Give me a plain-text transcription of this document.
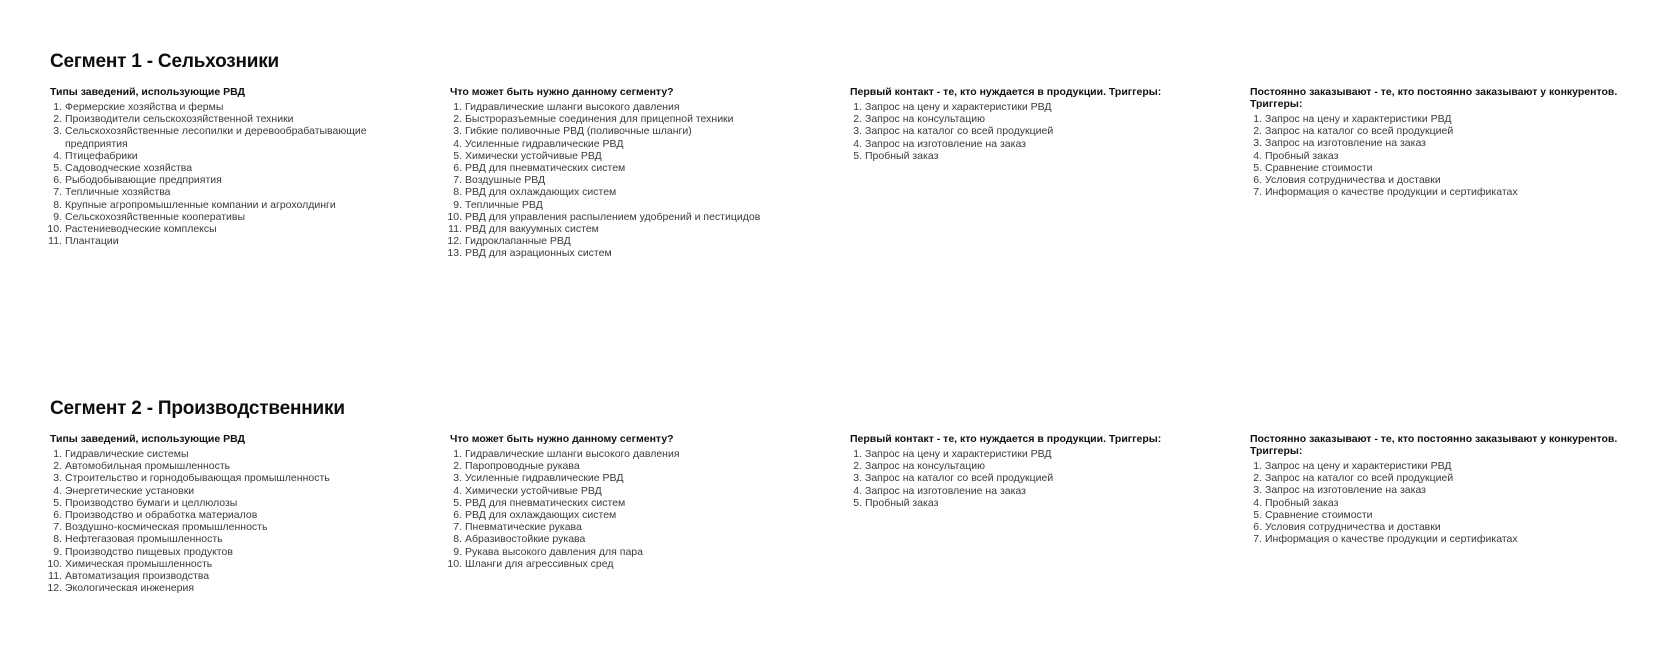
Сегмент 1 - Сельхозники
Типы заведений, использующие РВД
1. Фермерские хозяйства и фермы
2. Производители сельскохозяйственной техники
3. Сельскохозяйственные лесопилки и деревообрабатывающие предприятия
4. Птицефабрики
5. Садоводческие хозяйства
6. Рыбодобывающие предприятия
7. Тепличные хозяйства
8. Крупные агропромышленные компании и агрохолдинги
9. Сельскохозяйственные кооперативы
10. Растениеводческие комплексы
11. Плантации
Что может быть нужно данному сегменту?
1. Гидравлические шланги высокого давления
2. Быстроразъемные соединения для прицепной техники
3. Гибкие поливочные РВД (поливочные шланги)
4. Усиленные гидравлические РВД
5. Химически устойчивые РВД
6. РВД для пневматических систем
7. Воздушные РВД
8. РВД для охлаждающих систем
9. Тепличные РВД
10. РВД для управления распылением удобрений и пестицидов
11. РВД для вакуумных систем
12. Гидроклапанные РВД
13. РВД для аэрационных систем
Первый контакт - те, кто нуждается в продукции. Триггеры:
1. Запрос на цену и характеристики РВД
2. Запрос на консультацию
3. Запрос на каталог со всей продукцией
4. Запрос на изготовление на заказ
5. Пробный заказ
Постоянно заказывают - те, кто постоянно заказывают у конкурентов. Триггеры:
1. Запрос на цену и характеристики РВД
2. Запрос на каталог со всей продукцией
3. Запрос на изготовление на заказ
4. Пробный заказ
5. Сравнение стоимости
6. Условия сотрудничества и доставки
7. Информация о качестве продукции и сертификатах
Сегмент 2 - Производственники
Типы заведений, использующие РВД
1. Гидравлические системы
2. Автомобильная промышленность
3. Строительство и горнодобывающая промышленность
4. Энергетические установки
5. Производство бумаги и целлюлозы
6. Производство и обработка материалов
7. Воздушно-космическая промышленность
8. Нефтегазовая промышленность
9. Производство пищевых продуктов
10. Химическая промышленность
11. Автоматизация производства
12. Экологическая инженерия
Что может быть нужно данному сегменту?
1. Гидравлические шланги высокого давления
2. Паропроводные рукава
3. Усиленные гидравлические РВД
4. Химически устойчивые РВД
5. РВД для пневматических систем
6. РВД для охлаждающих систем
7. Пневматические рукава
8. Абразивостойкие рукава
9. Рукава высокого давления для пара
10. Шланги для агрессивных сред
Первый контакт - те, кто нуждается в продукции. Триггеры:
1. Запрос на цену и характеристики РВД
2. Запрос на консультацию
3. Запрос на каталог со всей продукцией
4. Запрос на изготовление на заказ
5. Пробный заказ
Постоянно заказывают - те, кто постоянно заказывают у конкурентов. Триггеры:
1. Запрос на цену и характеристики РВД
2. Запрос на каталог со всей продукцией
3. Запрос на изготовление на заказ
4. Пробный заказ
5. Сравнение стоимости
6. Условия сотрудничества и доставки
7. Информация о качестве продукции и сертификатах
